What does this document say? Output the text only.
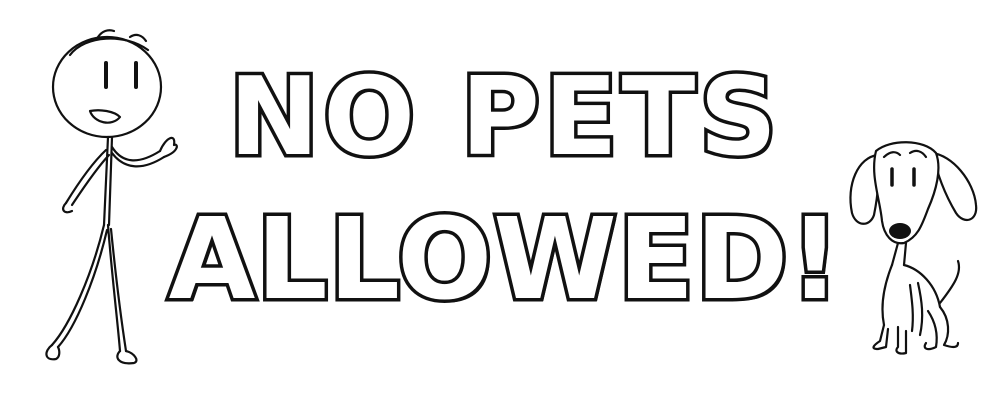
NO PETS
ALLOWED!
